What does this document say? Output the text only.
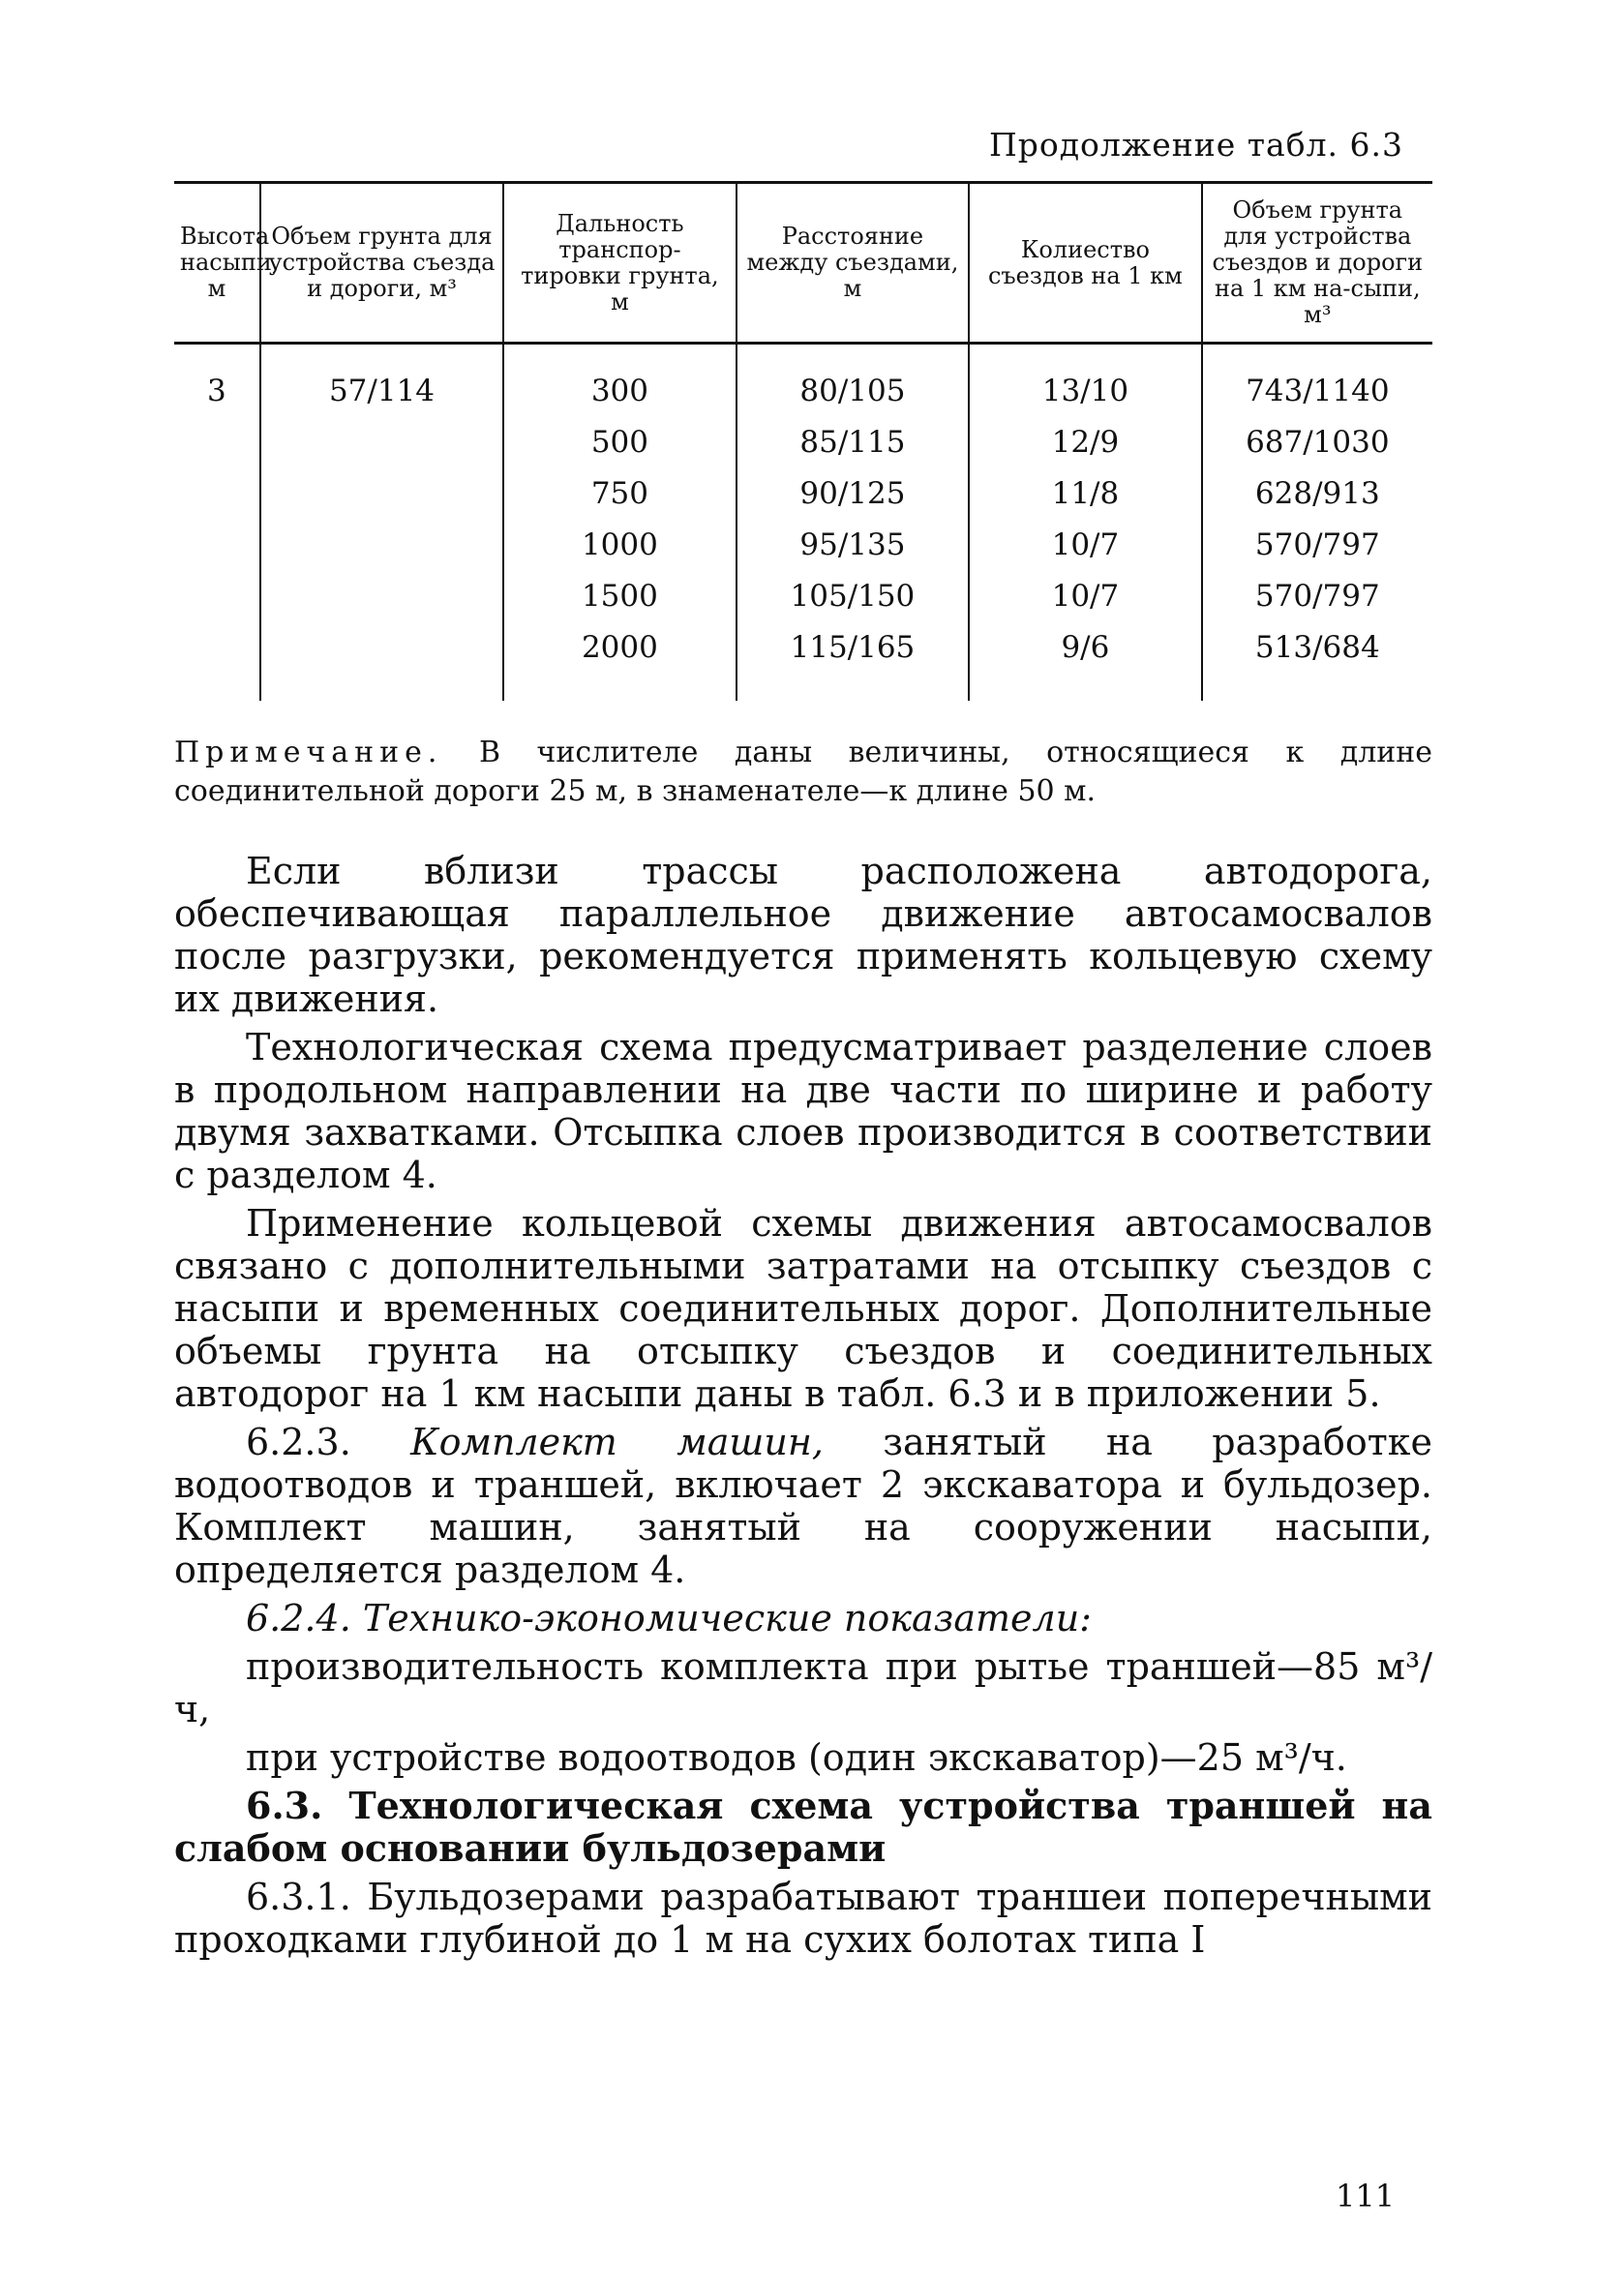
Продолжение табл. 6.3
Высота насыпи, м	Объем грунта для устройства съезда и дороги, м³	Дальность транспор-тировки грунта, м	Расстояние между съездами, м	Колиество съездов на 1 км	Объем грунта для устройства съездов и дороги на 1 км на-сыпи, м³
3	57/114	300	80/105	13/10	743/1140
		500	85/115	12/9	687/1030
		750	90/125	11/8	628/913
		1000	95/135	10/7	570/797
		1500	105/150	10/7	570/797
		2000	115/165	9/6	513/684
Примечание. В числителе даны величины, относящиеся к длине соединительной дороги 25 м, в знаменателе—к длине 50 м.

Если вблизи трассы расположена автодорога, обеспечивающая параллельное движение автосамосвалов после разгрузки, рекомендуется применять кольцевую схему их движения.

Технологическая схема предусматривает разделение слоев в продольном направлении на две части по ширине и работу двумя захватками. Отсыпка слоев производится в соответствии с разделом 4.

Применение кольцевой схемы движения автосамосвалов связано с дополнительными затратами на отсыпку съездов с насыпи и временных соединительных дорог. Дополнительные объемы грунта на отсыпку съездов и соединительных автодорог на 1 км насыпи даны в табл. 6.3 и в приложении 5.

6.2.3. Комплект машин, занятый на разработке водоотводов и траншей, включает 2 экскаватора и бульдозер. Комплект машин, занятый на сооружении насыпи, определяется разделом 4.

6.2.4. Технико-экономические показатели:

производительность комплекта при рытье траншей—85 м³/ч,

при устройстве водоотводов (один экскаватор)—25 м³/ч.

6.3. Технологическая схема устройства траншей на слабом основании бульдозерами

6.3.1. Бульдозерами разрабатывают траншеи поперечными проходками глубиной до 1 м на сухих болотах типа I

111
